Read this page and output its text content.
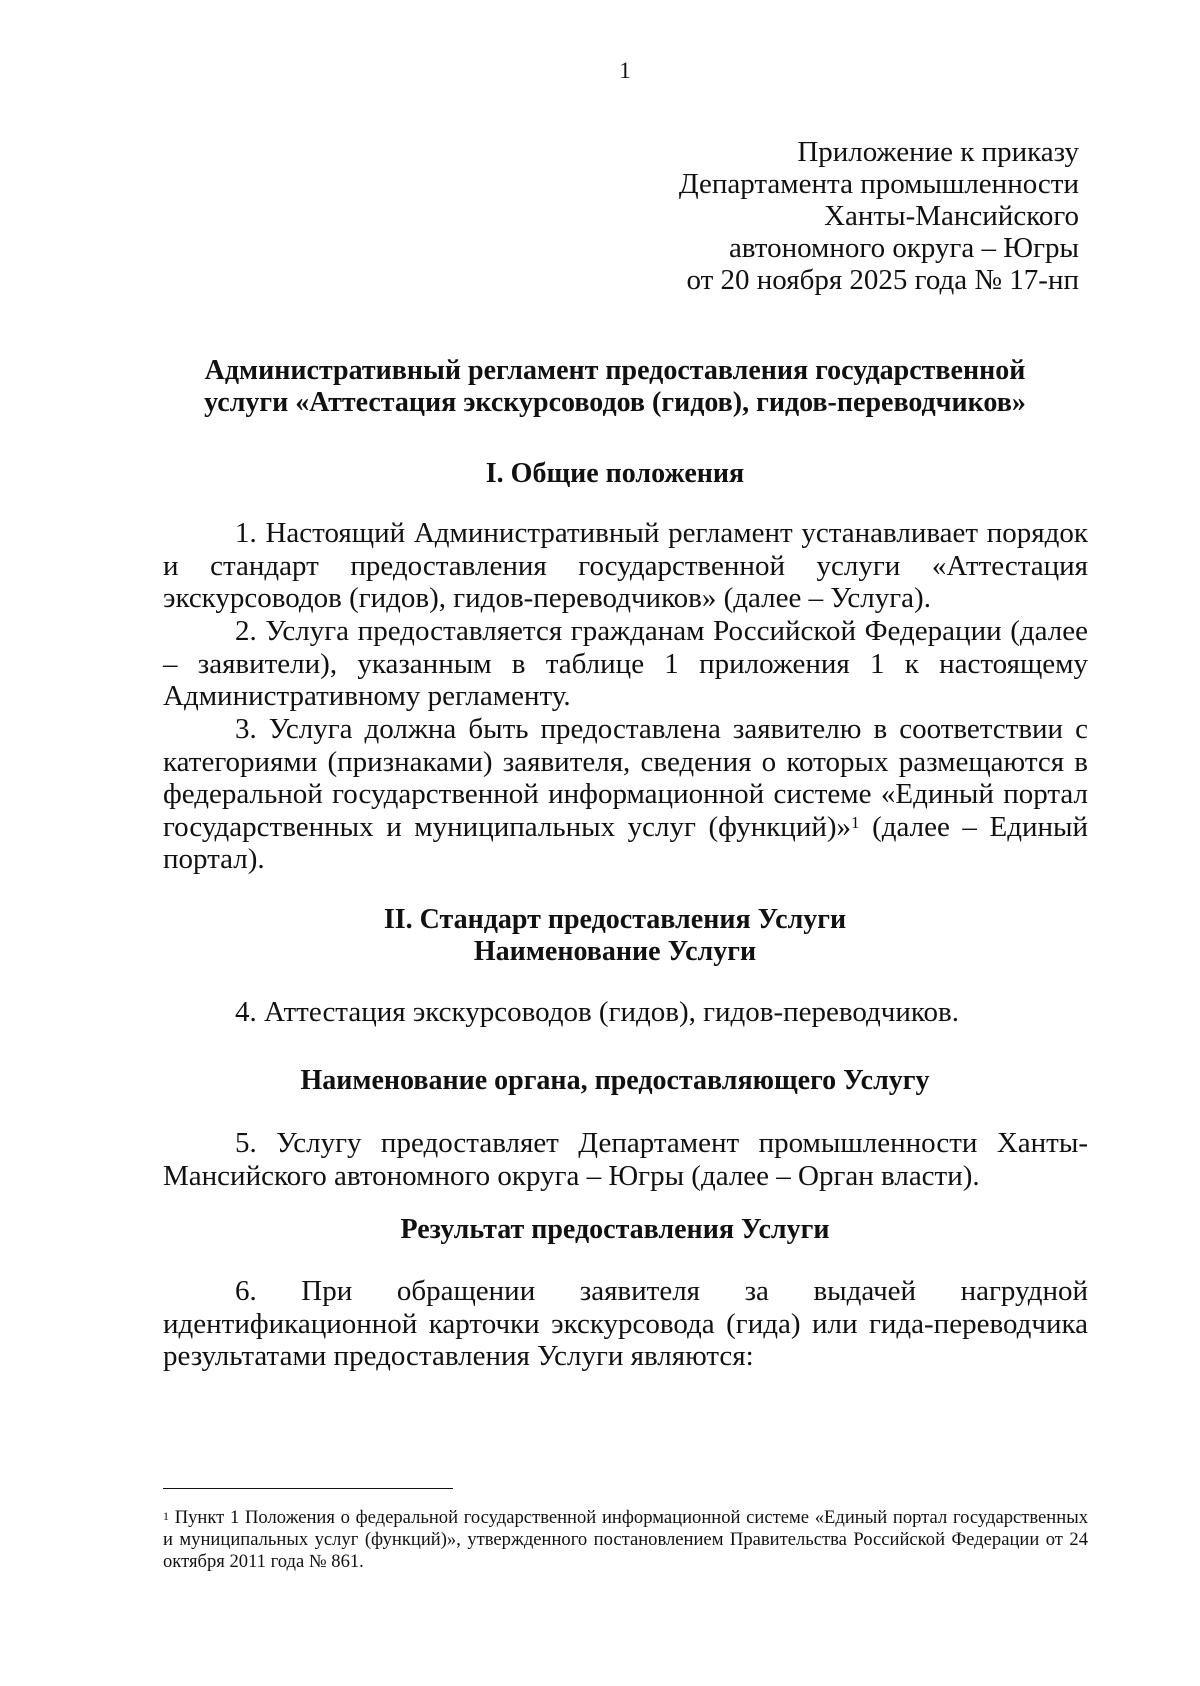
1
Приложение к приказу
Департамента промышленности
Ханты-Мансийского
автономного округа – Югры
от 20 ноября 2025 года № 17-нп
Административный регламент предоставления государственной
услуги «Аттестация экскурсоводов (гидов), гидов-переводчиков»
I. Общие положения
1. Настоящий Административный регламент устанавливает порядок и стандарт предоставления государственной услуги «Аттестация экскурсоводов (гидов), гидов-переводчиков» (далее – Услуга).
2. Услуга предоставляется гражданам Российской Федерации (далее – заявители), указанным в таблице 1 приложения 1 к настоящему Административному регламенту.
3. Услуга должна быть предоставлена заявителю в соответствии с категориями (признаками) заявителя, сведения о которых размещаются в федеральной государственной информационной системе «Единый портал государственных и муниципальных услуг (функций)»$^1$ (далее – Единый портал).
II. Стандарт предоставления Услуги
Наименование Услуги
4. Аттестация экскурсоводов (гидов), гидов-переводчиков.
Наименование органа, предоставляющего Услугу
5. Услугу предоставляет Департамент промышленности Ханты-Мансийского автономного округа – Югры (далее – Орган власти).
Результат предоставления Услуги
6. При обращении заявителя за выдачей нагрудной идентификационной карточки экскурсовода (гида) или гида-переводчика результатами предоставления Услуги являются:
$^1$ Пункт 1 Положения о федеральной государственной информационной системе «Единый портал государственных и муниципальных услуг (функций)», утвержденного постановлением Правительства Российской Федерации от 24 октября 2011 года № 861.
